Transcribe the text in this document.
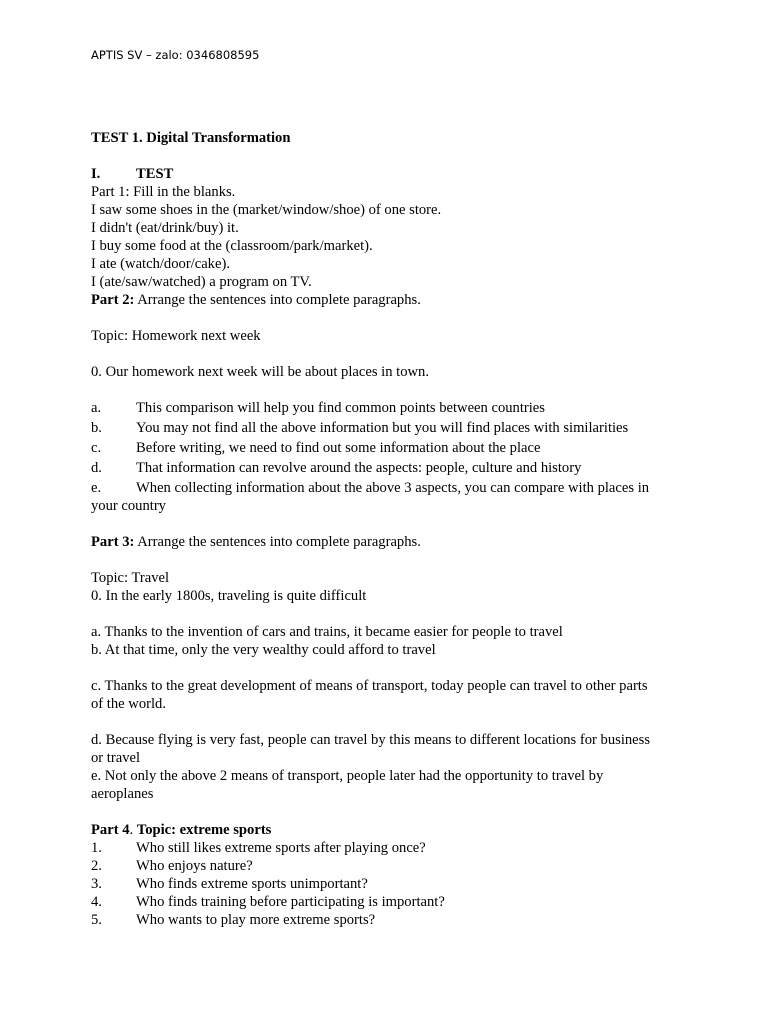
APTIS SV – zalo: 0346808595

TEST 1. Digital Transformation

I.	TEST

Part 1: Fill in the blanks.

I saw some shoes in the (market/window/shoe) of one store.

I didn't (eat/drink/buy) it.

I buy some food at the (classroom/park/market).

I ate (watch/door/cake).

I (ate/saw/watched) a program on TV.

Part 2: Arrange the sentences into complete paragraphs.

Topic: Homework next week

0. Our homework next week will be about places in town.

a.	This comparison will help you find common points between countries
b.	You may not find all the above information but you will find places with similarities
c.	Before writing, we need to find out some information about the place
d.	That information can revolve around the aspects: people, culture and history
e.	When collecting information about the above 3 aspects, you can compare with places in

your country

Part 3: Arrange the sentences into complete paragraphs.

Topic: Travel

0. In the early 1800s, traveling is quite difficult

a. Thanks to the invention of cars and trains, it became easier for people to travel

b. At that time, only the very wealthy could afford to travel

c. Thanks to the great development of means of transport, today people can travel to other parts

of the world.

d. Because flying is very fast, people can travel by this means to different locations for business

or travel

e. Not only the above 2 means of transport, people later had the opportunity to travel by

aeroplanes

Part 4. Topic: extreme sports

1.	Who still likes extreme sports after playing once?
2.	Who enjoys nature?
3.	Who finds extreme sports unimportant?
4.	Who finds training before participating is important?
5.	Who wants to play more extreme sports?
